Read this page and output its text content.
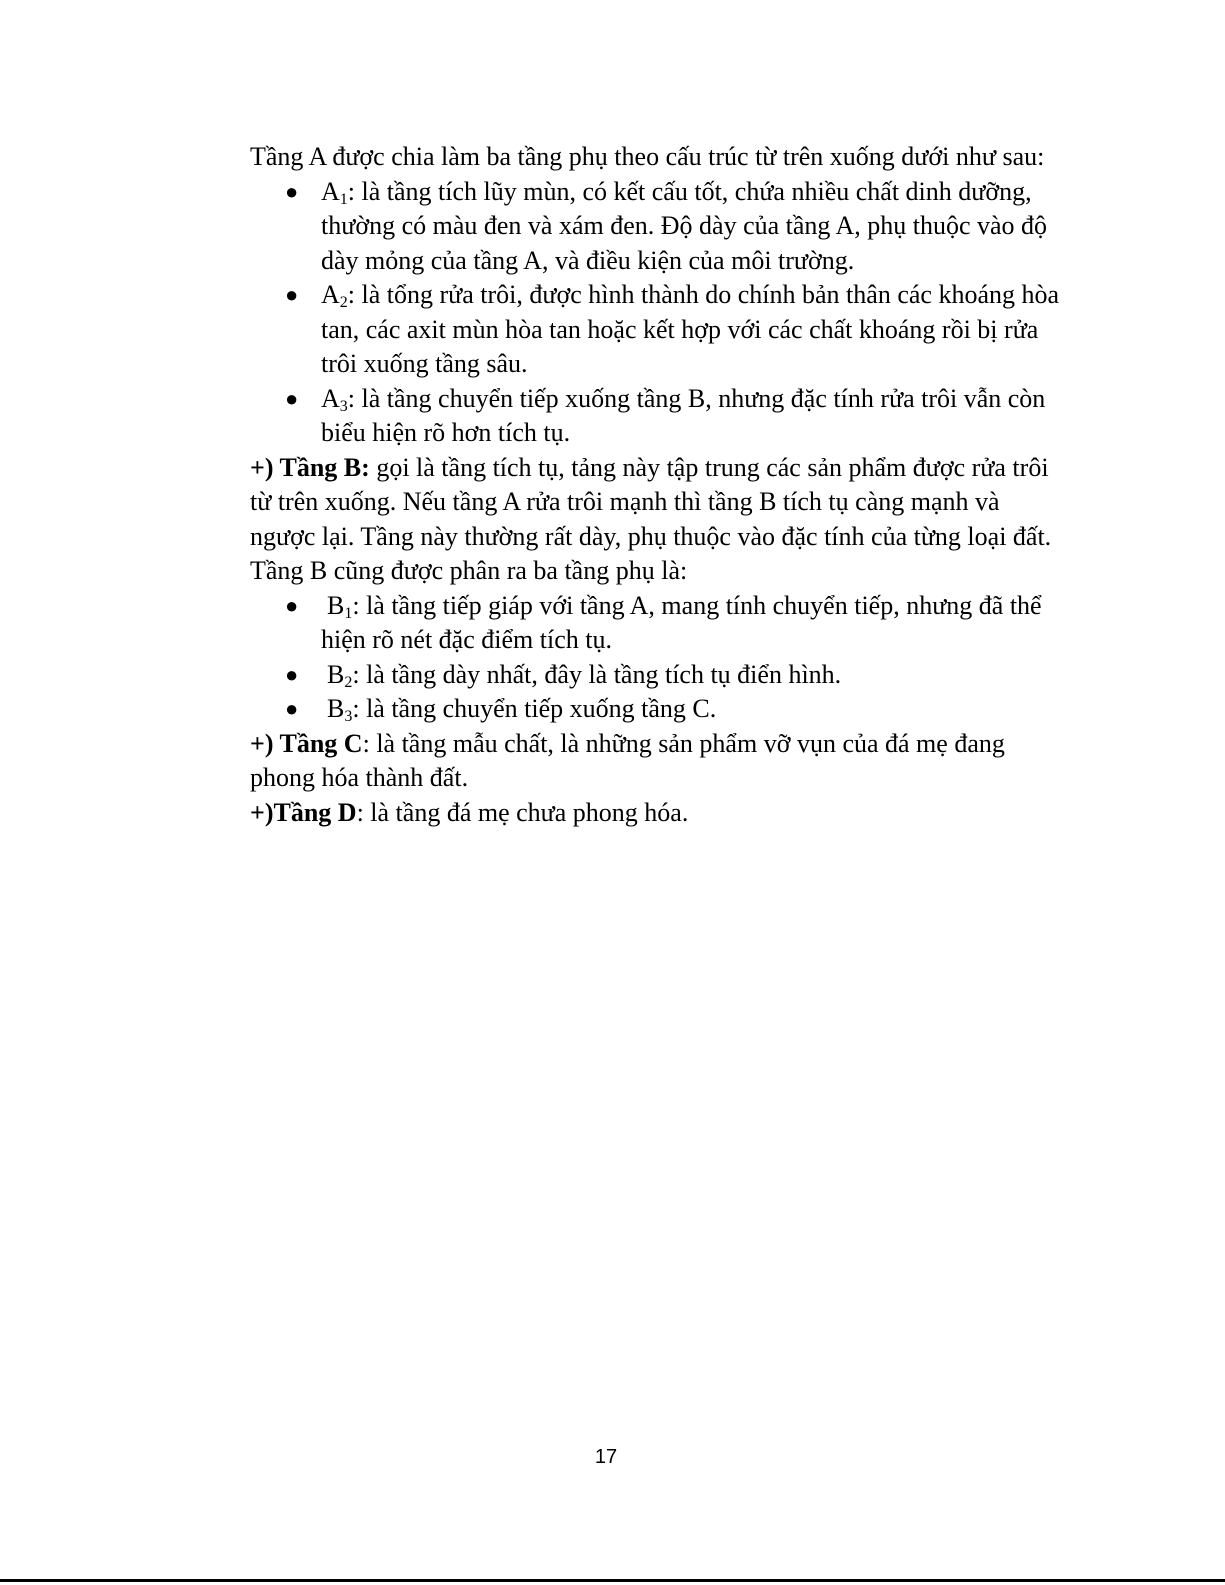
Tầng A được chia làm ba tầng phụ theo cấu trúc từ trên xuống dưới như sau:

● $A_1$: là tầng tích lũy mùn, có kết cấu tốt, chứa nhiều chất dinh dưỡng, thường có màu đen và xám đen. Độ dày của tầng A, phụ thuộc vào độ dày mỏng của tầng A, và điều kiện của môi trường.
● $A_2$: là tổng rửa trôi, được hình thành do chính bản thân các khoáng hòa tan, các axit mùn hòa tan hoặc kết hợp với các chất khoáng rồi bị rửa trôi xuống tầng sâu.
● $A_3$: là tầng chuyển tiếp xuống tầng B, nhưng đặc tính rửa trôi vẫn còn biểu hiện rõ hơn tích tụ.

+) Tầng B: gọi là tầng tích tụ, tảng này tập trung các sản phẩm được rửa trôi từ trên xuống. Nếu tầng A rửa trôi mạnh thì tầng B tích tụ càng mạnh và ngược lại. Tầng này thường rất dày, phụ thuộc vào đặc tính của từng loại đất. Tầng B cũng được phân ra ba tầng phụ là:

● $B_1$: là tầng tiếp giáp với tầng A, mang tính chuyển tiếp, nhưng đã thể hiện rõ nét đặc điểm tích tụ.
● $B_2$: là tầng dày nhất, đây là tầng tích tụ điển hình.
● $B_3$: là tầng chuyển tiếp xuống tầng C.

+) Tầng C: là tầng mẫu chất, là những sản phẩm vỡ vụn của đá mẹ đang phong hóa thành đất.

+)Tầng D: là tầng đá mẹ chưa phong hóa.

17
